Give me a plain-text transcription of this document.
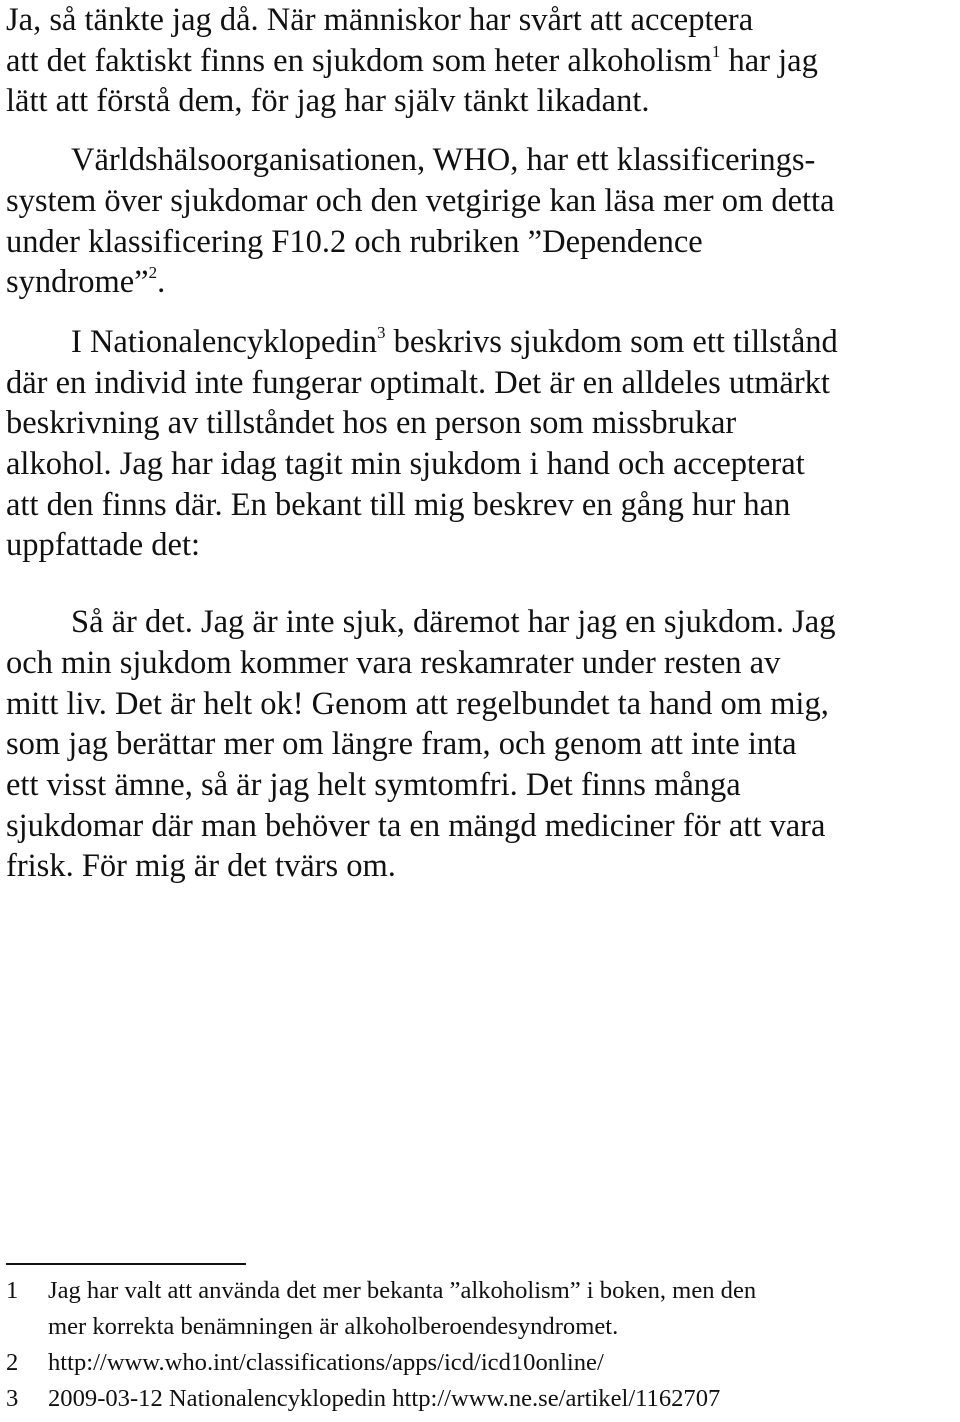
Ja, så tänkte jag då. När människor har svårt att acceptera
att det faktiskt finns en sjukdom som heter alkoholism$^1$ har jag
lätt att förstå dem, för jag har själv tänkt likadant.
Världshälsoorganisationen, WHO, har ett klassificerings-
system över sjukdomar och den vetgirige kan läsa mer om detta
under klassificering F10.2 och rubriken ”Dependence
syndrome”$^2$.
I Nationalencyklopedin$^3$ beskrivs sjukdom som ett tillstånd
där en individ inte fungerar optimalt. Det är en alldeles utmärkt
beskrivning av tillståndet hos en person som missbrukar
alkohol. Jag har idag tagit min sjukdom i hand och accepterat
att den finns där. En bekant till mig beskrev en gång hur han
uppfattade det:
Så är det. Jag är inte sjuk, däremot har jag en sjukdom. Jag
och min sjukdom kommer vara reskamrater under resten av
mitt liv. Det är helt ok! Genom att regelbundet ta hand om mig,
som jag berättar mer om längre fram, och genom att inte inta
ett visst ämne, så är jag helt symtomfri. Det finns många
sjukdomar där man behöver ta en mängd mediciner för att vara
frisk. För mig är det tvärs om.
1 Jag har valt att använda det mer bekanta ”alkoholism” i boken, men den
mer korrekta benämningen är alkoholberoendesyndromet.
2 http://www.who.int/classifications/apps/icd/icd10online/
3 2009-03-12 Nationalencyklopedin http://www.ne.se/artikel/1162707
